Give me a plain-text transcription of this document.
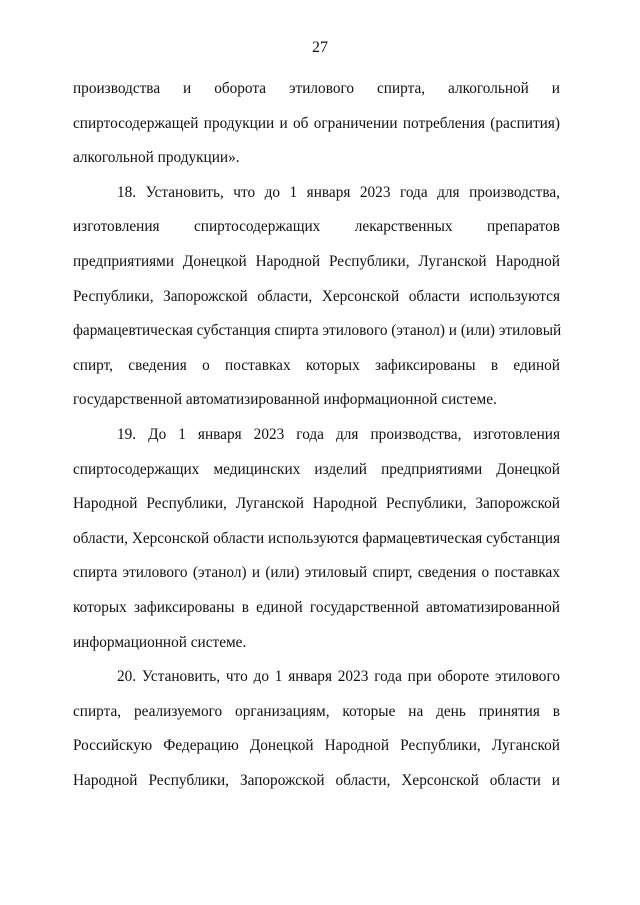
27
производства и оборота этилового спирта, алкогольной и
спиртосодержащей продукции и об ограничении потребления (распития)
алкогольной продукции».
18. Установить, что до 1 января 2023 года для производства,
изготовления спиртосодержащих лекарственных препаратов
предприятиями Донецкой Народной Республики, Луганской Народной
Республики, Запорожской области, Херсонской области используются
фармацевтическая субстанция спирта этилового (этанол) и (или) этиловый
спирт, сведения о поставках которых зафиксированы в единой
государственной автоматизированной информационной системе.
19. До 1 января 2023 года для производства, изготовления
спиртосодержащих медицинских изделий предприятиями Донецкой
Народной Республики, Луганской Народной Республики, Запорожской
области, Херсонской области используются фармацевтическая субстанция
спирта этилового (этанол) и (или) этиловый спирт, сведения о поставках
которых зафиксированы в единой государственной автоматизированной
информационной системе.
20. Установить, что до 1 января 2023 года при обороте этилового
спирта, реализуемого организациям, которые на день принятия в
Российскую Федерацию Донецкой Народной Республики, Луганской
Народной Республики, Запорожской области, Херсонской области и
